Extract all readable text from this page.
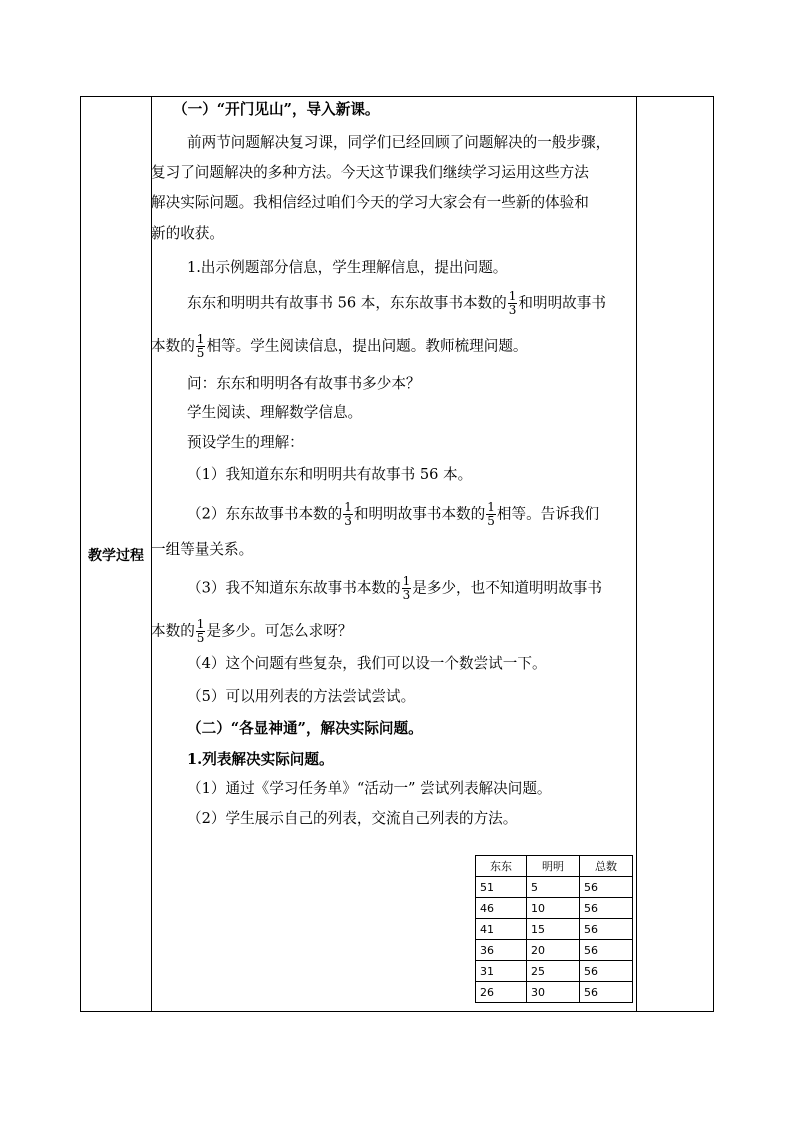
教学过程
（一）“开门见山”，导入新课。
前两节问题解决复习课，同学们已经回顾了问题解决的一般步骤，
复习了问题解决的多种方法。今天这节课我们继续学习运用这些方法
解决实际问题。我相信经过咱们今天的学习大家会有一些新的体验和
新的收获。
1.出示例题部分信息，学生理解信息，提出问题。
东东和明明共有故事书 56 本，东东故事书本数的 $\frac{1}{3}$ 和明明故事书
本数的 $\frac{1}{5}$ 相等。学生阅读信息，提出问题。教师梳理问题。
问：东东和明明各有故事书多少本？
学生阅读、理解数学信息。
预设学生的理解：
（1）我知道东东和明明共有故事书 56 本。
（2）东东故事书本数的 $\frac{1}{3}$ 和明明故事书本数的 $\frac{1}{5}$ 相等。告诉我们
一组等量关系。
（3）我不知道东东故事书本数的 $\frac{1}{3}$ 是多少，也不知道明明故事书
本数的 $\frac{1}{5}$ 是多少。可怎么求呀？
（4）这个问题有些复杂，我们可以设一个数尝试一下。
（5）可以用列表的方法尝试尝试。
（二）“各显神通”，解决实际问题。
1.列表解决实际问题。
（1）通过《学习任务单》“活动一” 尝试列表解决问题。
（2）学生展示自己的列表，交流自己列表的方法。
东东	明明	总数
51	5	56
46	10	56
41	15	56
36	20	56
31	25	56
26	30	56
